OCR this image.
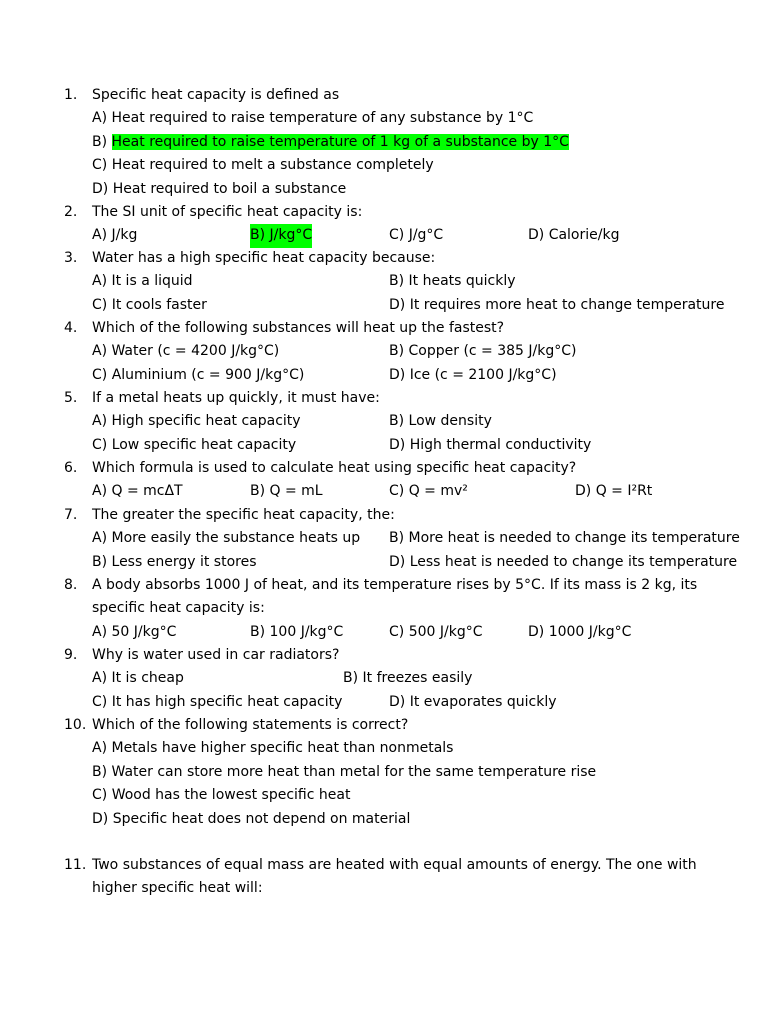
1. Specific heat capacity is defined as
A) Heat required to raise temperature of any substance by 1°C
B) Heat required to raise temperature of 1 kg of a substance by 1°C
C) Heat required to melt a substance completely
D) Heat required to boil a substance
2. The SI unit of specific heat capacity is:
A) J/kg	B) J/kg°C	C) J/g°C	D) Calorie/kg
3. Water has a high specific heat capacity because:
A) It is a liquid	B) It heats quickly
C) It cools faster	D) It requires more heat to change temperature
4. Which of the following substances will heat up the fastest?
A) Water (c = 4200 J/kg°C)	B) Copper (c = 385 J/kg°C)
C) Aluminium (c = 900 J/kg°C)	D) Ice (c = 2100 J/kg°C)
5. If a metal heats up quickly, it must have:
A) High specific heat capacity	B) Low density
C) Low specific heat capacity	D) High thermal conductivity
6. Which formula is used to calculate heat using specific heat capacity?
A) Q = mcΔT	B) Q = mL	C) Q = mv²	D) Q = I²Rt
7. The greater the specific heat capacity, the:
A) More easily the substance heats up B) More heat is needed to change its temperature
B) Less energy it stores	D) Less heat is needed to change its temperature
8. A body absorbs 1000 J of heat, and its temperature rises by 5°C. If its mass is 2 kg, its
specific heat capacity is:
A) 50 J/kg°C	B) 100 J/kg°C	C) 500 J/kg°C	D) 1000 J/kg°C
9. Why is water used in car radiators?
A) It is cheap	B) It freezes easily
C) It has high specific heat capacity	D) It evaporates quickly
10. Which of the following statements is correct?
A) Metals have higher specific heat than nonmetals
B) Water can store more heat than metal for the same temperature rise
C) Wood has the lowest specific heat
D) Specific heat does not depend on material
11. Two substances of equal mass are heated with equal amounts of energy. The one with
higher specific heat will:
